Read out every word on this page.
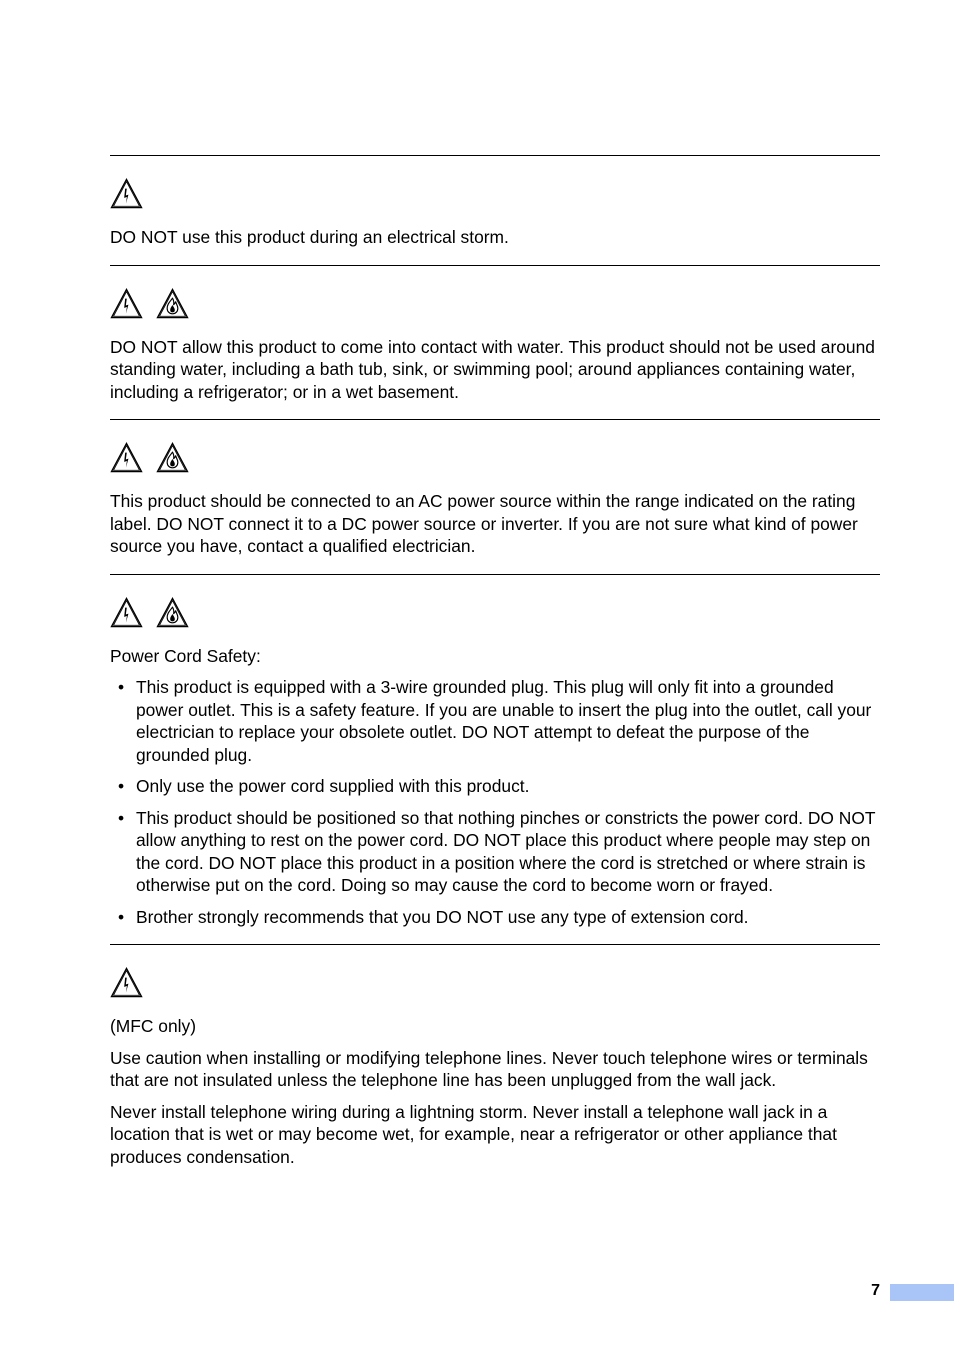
DO NOT use this product during an electrical storm.

DO NOT allow this product to come into contact with water. This product should not be used around standing water, including a bath tub, sink, or swimming pool; around appliances containing water, including a refrigerator; or in a wet basement.

This product should be connected to an AC power source within the range indicated on the rating label. DO NOT connect it to a DC power source or inverter. If you are not sure what kind of power source you have, contact a qualified electrician.

Power Cord Safety:

• This product is equipped with a 3-wire grounded plug. This plug will only fit into a grounded power outlet. This is a safety feature. If you are unable to insert the plug into the outlet, call your electrician to replace your obsolete outlet. DO NOT attempt to defeat the purpose of the grounded plug.
• Only use the power cord supplied with this product.
• This product should be positioned so that nothing pinches or constricts the power cord. DO NOT allow anything to rest on the power cord. DO NOT place this product where people may step on the cord. DO NOT place this product in a position where the cord is stretched or where strain is otherwise put on the cord. Doing so may cause the cord to become worn or frayed.
• Brother strongly recommends that you DO NOT use any type of extension cord.

(MFC only)

Use caution when installing or modifying telephone lines. Never touch telephone wires or terminals that are not insulated unless the telephone line has been unplugged from the wall jack.

Never install telephone wiring during a lightning storm. Never install a telephone wall jack in a location that is wet or may become wet, for example, near a refrigerator or other appliance that produces condensation.

7
